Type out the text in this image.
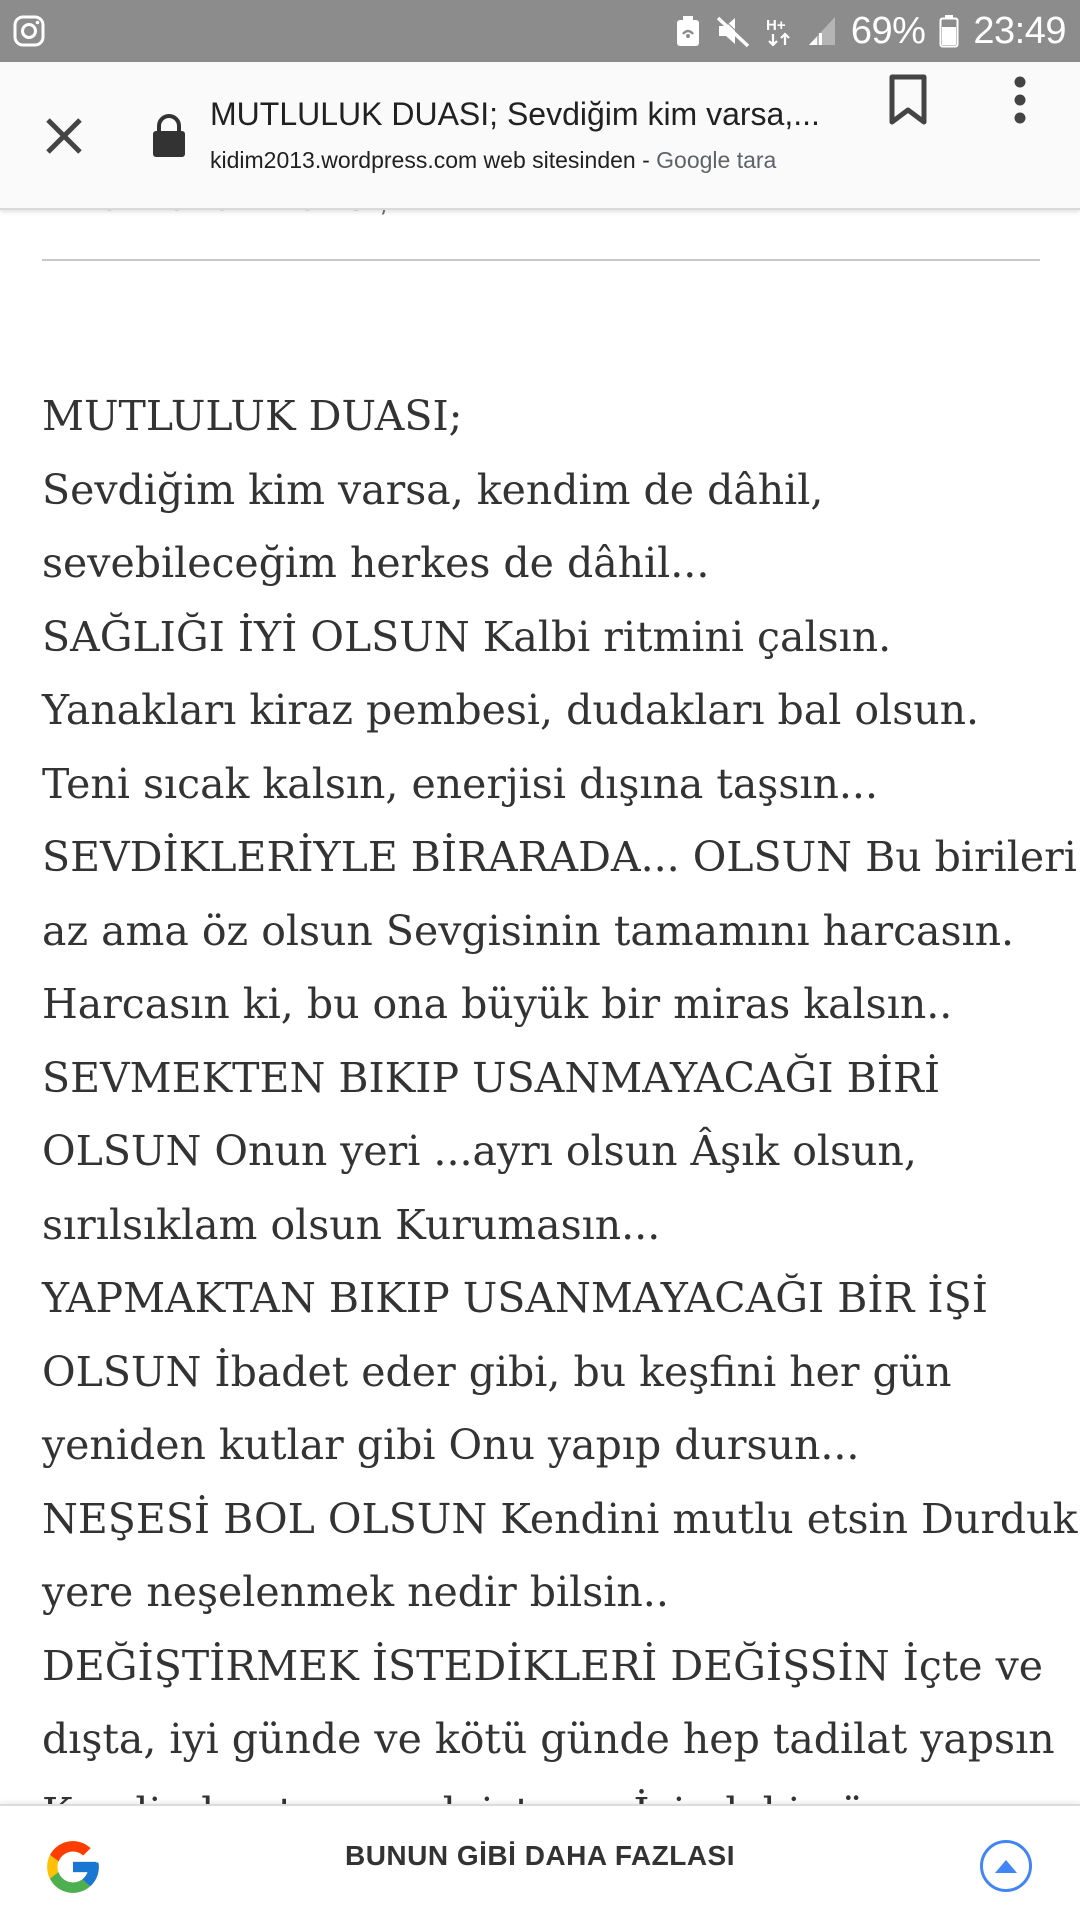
H+ 69% 23:49
MUTLULUK DUASI; Sevdiğim kim varsa,...
kidim2013.wordpress.com web sitesinden - Google tara
MUTLULUK DUASI;
Sevdiğim kim varsa, kendim de dâhil,
sevebileceğim herkes de dâhil...
SAĞLIĞI İYİ OLSUN Kalbi ritmini çalsın.
Yanakları kiraz pembesi, dudakları bal olsun.
Teni sıcak kalsın, enerjisi dışına taşsın...
SEVDİKLERİYLE BİRARADA... OLSUN Bu birileri
az ama öz olsun Sevgisinin tamamını harcasın.
Harcasın ki, bu ona büyük bir miras kalsın..
SEVMEKTEN BIKIP USANMAYACAĞI BİRİ
OLSUN Onun yeri ...ayrı olsun Âşık olsun,
sırılsıklam olsun Kurumasın...
YAPMAKTAN BIKIP USANMAYACAĞI BİR İŞİ
OLSUN İbadet eder gibi, bu keşfini her gün
yeniden kutlar gibi Onu yapıp dursun...
NEŞESİ BOL OLSUN Kendini mutlu etsin Durduk
yere neşelenmek nedir bilsin..
DEĞİŞTİRMEK İSTEDİKLERİ DEĞİŞSİN İçte ve
dışta, iyi günde ve kötü günde hep tadilat yapsın
BUNUN GİBİ DAHA FAZLASI
